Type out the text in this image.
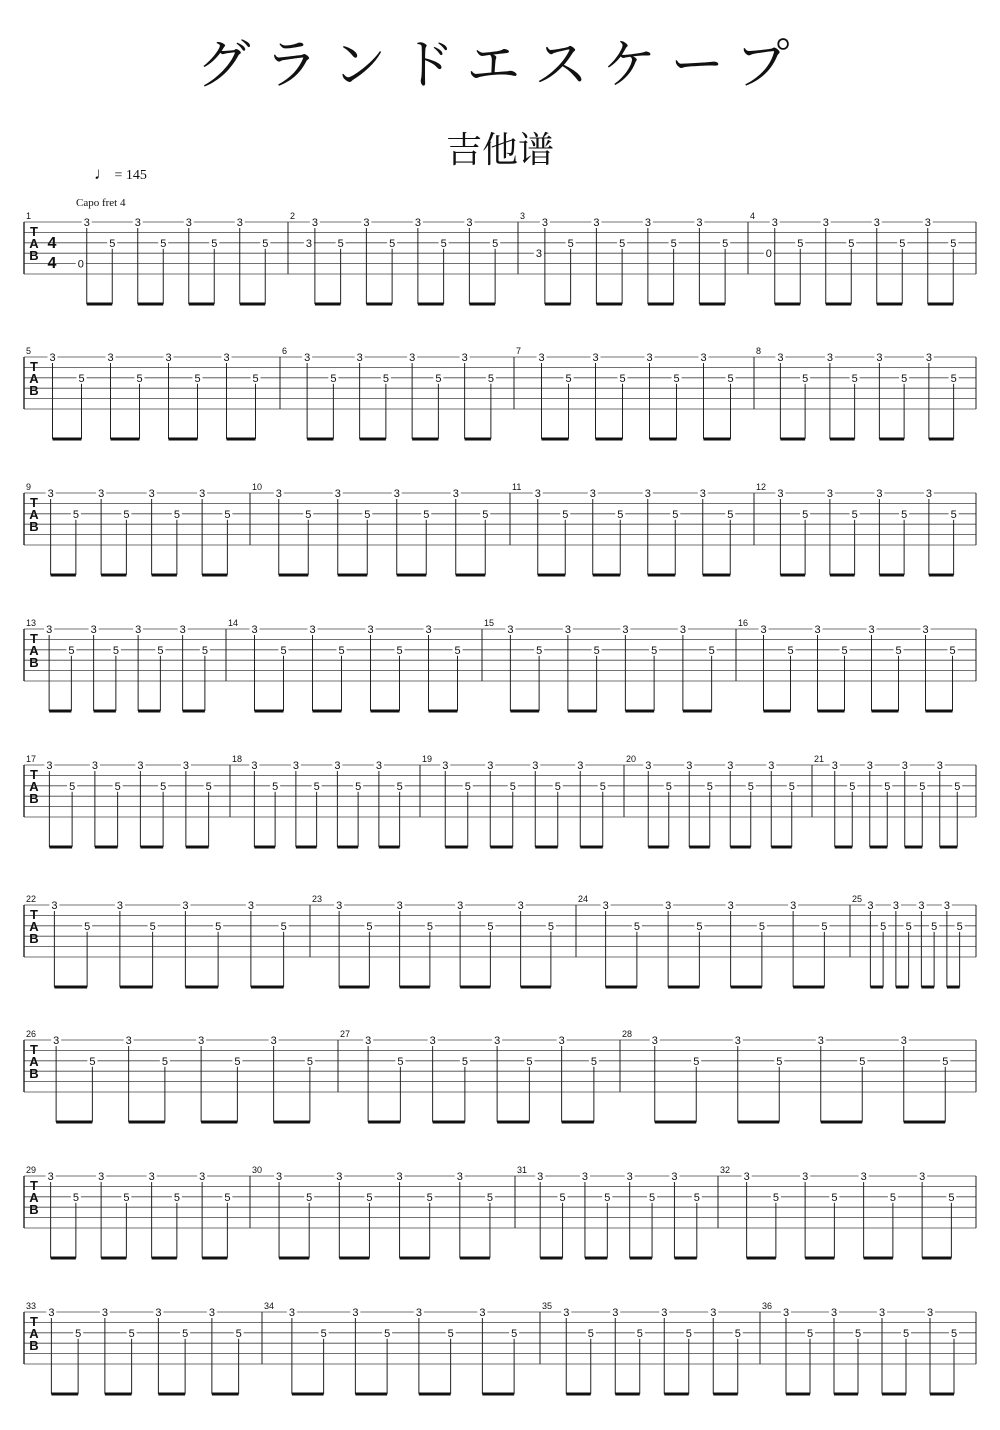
グランドエスケープ
吉他谱
♩ = 145
Capo fret 4
T
A
B
4
4
1	2	3	4
3
5
3
5
3
5
3
5
0
3
5
3
5
3
5
3
5
3
3
5
3
5
3
5
3
5
3
3
5
3
5
3
5
3
5
0
T
A
B
5	6	7	8
3
5
3
5
3
5
3
5
3
5
3
5
3
5
3
5
3
5
3
5
3
5
3
5
3
5
3
5
3
5
3
5
T
A
B
9	10	11	12
3
5
3
5
3
5
3
5
3
5
3
5
3
5
3
5
3
5
3
5
3
5
3
5
3
5
3
5
3
5
3
5
T
A
B
13	14	15	16
3
5
3
5
3
5
3
5
3
5
3
5
3
5
3
5
3
5
3
5
3
5
3
5
3
5
3
5
3
5
3
5
T
A
B
17	18	19	20	21
3
5
3
5
3
5
3
5
3
5
3
5
3
5
3
5
3
5
3
5
3
5
3
5
3
5
3
5
3
5
3
5
3
5
3
5
3
5
3
5
T
A
B
22	23	24	25
3
5
3
5
3
5
3
5
3
5
3
5
3
5
3
5
3
5
3
5
3
5
3
5
3
5
3
5
3
5
3
5
T
A
B
26	27	28
3
5
3
5
3
5
3
5
3
5
3
5
3
5
3
5
3
5
3
5
3
5
3
5
T
A
B
29	30	31	32
3
5
3
5
3
5
3
5
3
5
3
5
3
5
3
5
3
5
3
5
3
5
3
5
3
5
3
5
3
5
3
5
T
A
B
33	34	35	36
3
5
3
5
3
5
3
5
3
5
3
5
3
5
3
5
3
5
3
5
3
5
3
5
3
5
3
5
3
5
3
5
